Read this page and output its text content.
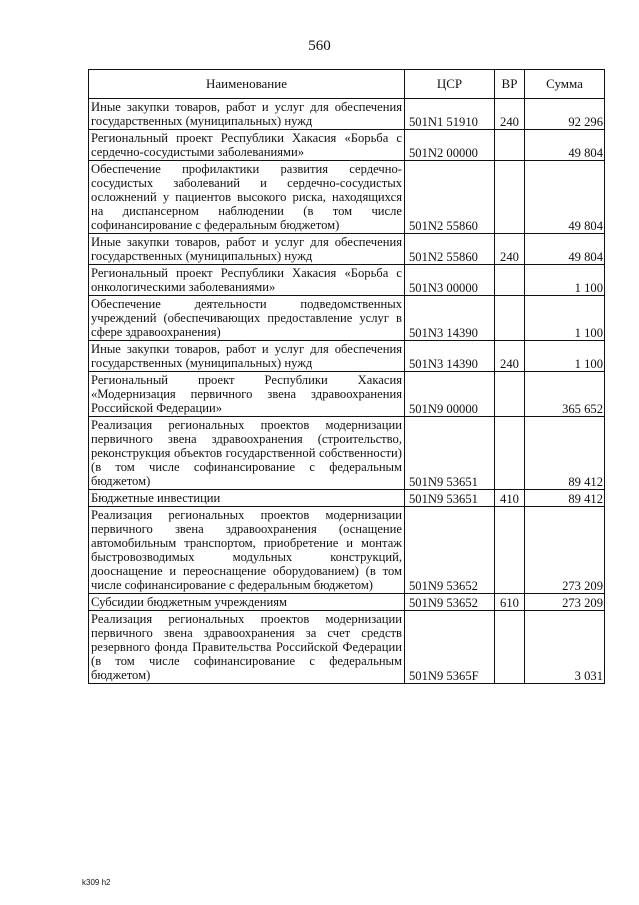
560
Наименование	ЦСР	ВР	Сумма
Иные закупки товаров, работ и услуг для обеспечения государственных (муниципальных) нужд	501N1 51910	240	92 296
Региональный проект Республики Хакасия «Борьба с сердечно-сосудистыми заболеваниями»	501N2 00000		49 804
Обеспечение профилактики развития сердечно-сосудистых заболеваний и сердечно-сосудистых осложнений у пациентов высокого риска, находящихся на диспансерном наблюдении (в том числе софинансирование с федеральным бюджетом)	501N2 55860		49 804
Иные закупки товаров, работ и услуг для обеспечения государственных (муниципальных) нужд	501N2 55860	240	49 804
Региональный проект Республики Хакасия «Борьба с онкологическими заболеваниями»	501N3 00000		1 100
Обеспечение деятельности подведомственных учреждений (обеспечивающих предоставление услуг в сфере здравоохранения)	501N3 14390		1 100
Иные закупки товаров, работ и услуг для обеспечения государственных (муниципальных) нужд	501N3 14390	240	1 100
Региональный проект Республики Хакасия «Модернизация первичного звена здравоохранения Российской Федерации»	501N9 00000		365 652
Реализация региональных проектов модернизации первичного звена здравоохранения (строительство, реконструкция объектов государственной собственности) (в том числе софинансирование с федеральным бюджетом)	501N9 53651		89 412
Бюджетные инвестиции	501N9 53651	410	89 412
Реализация региональных проектов модернизации первичного звена здравоохранения (оснащение автомобильным транспортом, приобретение и монтаж быстровозводимых модульных конструкций, дооснащение и переоснащение оборудованием) (в том числе софинансирование с федеральным бюджетом)	501N9 53652		273 209
Субсидии бюджетным учреждениям	501N9 53652	610	273 209
Реализация региональных проектов модернизации первичного звена здравоохранения за счет средств резервного фонда Правительства Российской Федерации (в том числе софинансирование с федеральным бюджетом)	501N9 5365F		3 031
k309 h2
